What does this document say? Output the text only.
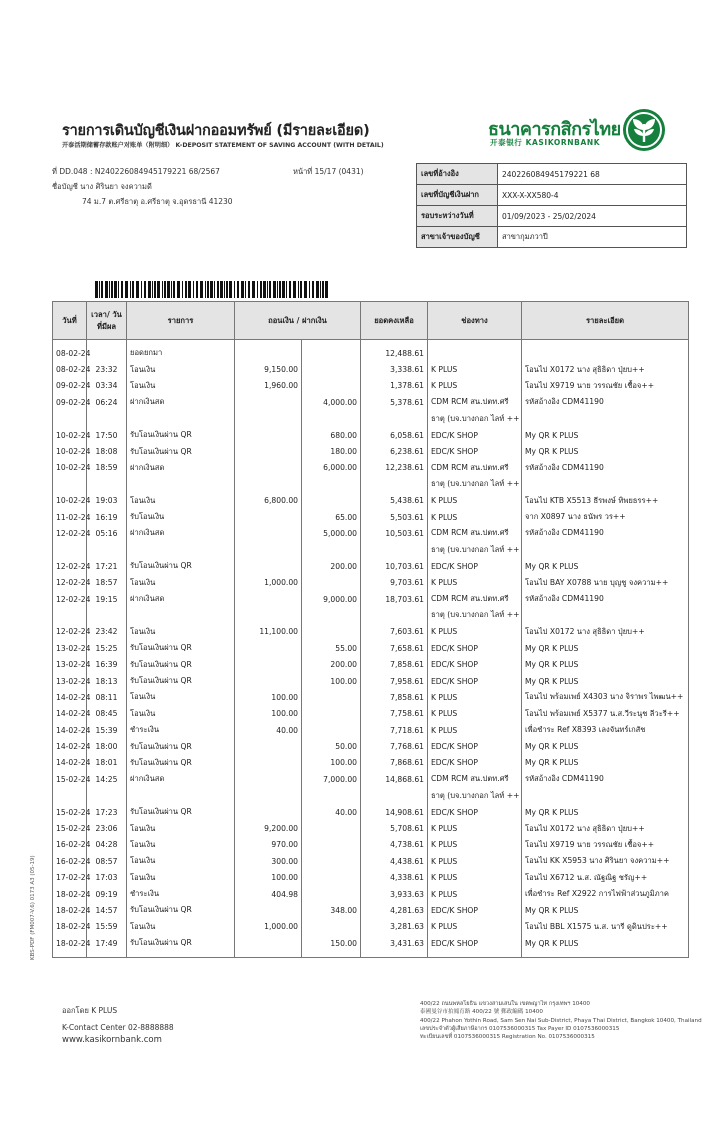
รายการเดินบัญชีเงินฝากออมทรัพย์ (มีรายละเอียด)
开泰活期储蓄存款账户对账单（附明细） K-DEPOSIT STATEMENT OF SAVING ACCOUNT (WITH DETAIL)
ธนาคารกสิกรไทย
开泰银行 KASIKORNBANK
ที่ DD.048 : N240226084945179221 68/2567	หน้าที่ 15/17 (0431)
ชื่อบัญชี นาง ศิรินยา จงความดี
74 ม.7 ต.ศรีธาตุ อ.ศรีธาตุ จ.อุดรธานี 41230
เลขที่อ้างอิง	240226084945179221 68
เลขที่บัญชีเงินฝาก	XXX-X-XX580-4
รอบระหว่างวันที่	01/09/2023 - 25/02/2024
สาขาเจ้าของบัญชี	สาขากุมภวาปี
วันที่	เวลา/ วันที่มีผล	รายการ	ถอนเงิน / ฝากเงิน		ยอดคงเหลือ	ช่องทาง	รายละเอียด
08-02-24		ยอดยกมา			12,488.61		
08-02-24	23:32	โอนเงิน	9,150.00		3,338.61	K PLUS	โอนไป X0172 นาง สุธิธิดา ปุ่ยบ++
09-02-24	03:34	โอนเงิน	1,960.00		1,378.61	K PLUS	โอนไป X9719 นาย วรรณชัย เชื้อจ++
09-02-24	06:24	ฝากเงินสด		4,000.00	5,378.61	CDM RCM สน.ปตท.ศรี	รหัสอ้างอิง CDM41190
						ธาตุ (บจ.บางกอก ไลท์ ++	
10-02-24	17:50	รับโอนเงินผ่าน QR		680.00	6,058.61	EDC/K SHOP	My QR K PLUS
10-02-24	18:08	รับโอนเงินผ่าน QR		180.00	6,238.61	EDC/K SHOP	My QR K PLUS
10-02-24	18:59	ฝากเงินสด		6,000.00	12,238.61	CDM RCM สน.ปตท.ศรี	รหัสอ้างอิง CDM41190
						ธาตุ (บจ.บางกอก ไลท์ ++	
10-02-24	19:03	โอนเงิน	6,800.00		5,438.61	K PLUS	โอนไป KTB X5513 ธีรพงษ์ ทิพยธรร++
11-02-24	16:19	รับโอนเงิน		65.00	5,503.61	K PLUS	จาก X0897 นาง ธนัพร วร++
12-02-24	05:16	ฝากเงินสด		5,000.00	10,503.61	CDM RCM สน.ปตท.ศรี	รหัสอ้างอิง CDM41190
						ธาตุ (บจ.บางกอก ไลท์ ++	
12-02-24	17:21	รับโอนเงินผ่าน QR		200.00	10,703.61	EDC/K SHOP	My QR K PLUS
12-02-24	18:57	โอนเงิน	1,000.00		9,703.61	K PLUS	โอนไป BAY X0788 นาย บุญชู จงความ++
12-02-24	19:15	ฝากเงินสด		9,000.00	18,703.61	CDM RCM สน.ปตท.ศรี	รหัสอ้างอิง CDM41190
						ธาตุ (บจ.บางกอก ไลท์ ++	
12-02-24	23:42	โอนเงิน	11,100.00		7,603.61	K PLUS	โอนไป X0172 นาง สุธิธิดา ปุ่ยบ++
13-02-24	15:25	รับโอนเงินผ่าน QR		55.00	7,658.61	EDC/K SHOP	My QR K PLUS
13-02-24	16:39	รับโอนเงินผ่าน QR		200.00	7,858.61	EDC/K SHOP	My QR K PLUS
13-02-24	18:13	รับโอนเงินผ่าน QR		100.00	7,958.61	EDC/K SHOP	My QR K PLUS
14-02-24	08:11	โอนเงิน	100.00		7,858.61	K PLUS	โอนไป พร้อมเพย์ X4303 นาง จิราพร ไพฒน++
14-02-24	08:45	โอนเงิน	100.00		7,758.61	K PLUS	โอนไป พร้อมเพย์ X5377 น.ส.วีระนุช ลีวะรี++
14-02-24	15:39	ชำระเงิน	40.00		7,718.61	K PLUS	เพื่อชำระ Ref X8393 เลงจันทร์เกสัช
14-02-24	18:00	รับโอนเงินผ่าน QR		50.00	7,768.61	EDC/K SHOP	My QR K PLUS
14-02-24	18:01	รับโอนเงินผ่าน QR		100.00	7,868.61	EDC/K SHOP	My QR K PLUS
15-02-24	14:25	ฝากเงินสด		7,000.00	14,868.61	CDM RCM สน.ปตท.ศรี	รหัสอ้างอิง CDM41190
						ธาตุ (บจ.บางกอก ไลท์ ++	
15-02-24	17:23	รับโอนเงินผ่าน QR		40.00	14,908.61	EDC/K SHOP	My QR K PLUS
15-02-24	23:06	โอนเงิน	9,200.00		5,708.61	K PLUS	โอนไป X0172 นาง สุธิธิดา ปุ่ยบ++
16-02-24	04:28	โอนเงิน	970.00		4,738.61	K PLUS	โอนไป X9719 นาย วรรณชัย เชื้อจ++
16-02-24	08:57	โอนเงิน	300.00		4,438.61	K PLUS	โอนไป KK X5953 นาง ศิรินยา จงความ++
17-02-24	17:03	โอนเงิน	100.00		4,338.61	K PLUS	โอนไป X6712 น.ส. ณัฐณิฐ ชรัญ++
18-02-24	09:19	ชำระเงิน	404.98		3,933.63	K PLUS	เพื่อชำระ Ref X2922 การไฟฟ้าส่วนภูมิภาค
18-02-24	14:57	รับโอนเงินผ่าน QR		348.00	4,281.63	EDC/K SHOP	My QR K PLUS
18-02-24	15:59	โอนเงิน	1,000.00		3,281.63	K PLUS	โอนไป BBL X1575 น.ส. นารี ดูดินประ++
18-02-24	17:49	รับโอนเงินผ่าน QR		150.00	3,431.63	EDC/K SHOP	My QR K PLUS
ออกโดย K PLUS
K-Contact Center 02-8888888
www.kasikornbank.com
400/22 ถนนพหลโยธิน แขวงสามเสนใน เขตพญาไท กรุงเทพฯ 10400
泰國曼谷市拍鳳育路 400/22 號 郵政編碼 10400
400/22 Phahon Yothin Road, Sam Sen Nai Sub-District, Phaya Thai District, Bangkok 10400, Thailand
เลขประจำตัวผู้เสียภาษีอากร 0107536000315 Tax Payer ID 0107536000315
ทะเบียนเลขที่ 0107536000315 Registration No. 0107536000315
KBS-PDF (FM007-V.6) 0173 A3 (05-19)
